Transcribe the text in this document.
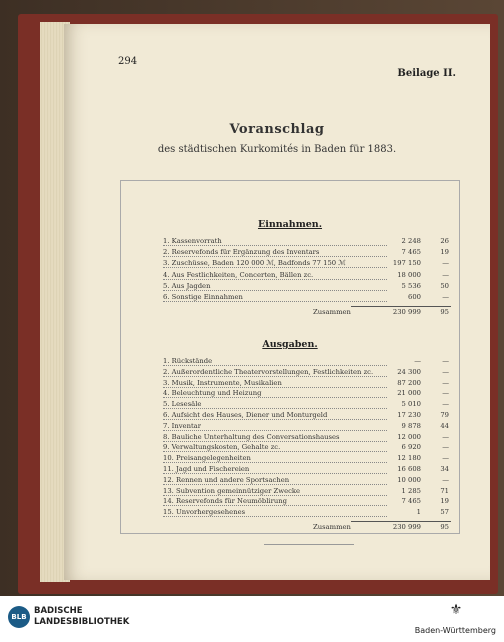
294
Beilage II.
Voranschlag
des städtischen Kurkomités in Baden für 1883.
Einnahmen.
Ausgaben.
1. Kassenvorrath	2 248	26
2. Reservefonds für Ergänzung des Inventars	7 465	19
3. Zuschüsse, Baden 120 000 ℳ, Badfonds 77 150 ℳ	197 150	—
4. Aus Festlichkeiten, Concerten, Bällen zc.	18 000	—
5. Aus Jagden	5 536	50
6. Sonstige Einnahmen	600	—
Zusammen	230 999	95
1. Rückstände	—	—
2. Außerordentliche Theatervorstellungen, Festlichkeiten zc.	24 300	—
3. Musik, Instrumente, Musikalien	87 200	—
4. Beleuchtung und Heizung	21 000	—
5. Lesesäle	5 010	—
6. Aufsicht des Hauses, Diener und Monturgeld	17 230	79
7. Inventar	9 878	44
8. Bauliche Unterhaltung des Conversationshauses	12 000	—
9. Verwaltungskosten, Gehalte zc.	6 920	—
10. Preisangelegenheiten	12 180	—
11. Jagd und Fischereien	16 608	34
12. Rennen und andere Sportsachen	10 000	—
13. Subvention gemeinnütziger Zwecke	1 285	71
14. Reservefonds für Neumöblirung	7 465	19
15. Unvorhergesehenes	1	57
Zusammen	230 999	95
BLB
BADISCHE
LANDESBIBLIOTHEK
⚜
Baden-Württemberg
